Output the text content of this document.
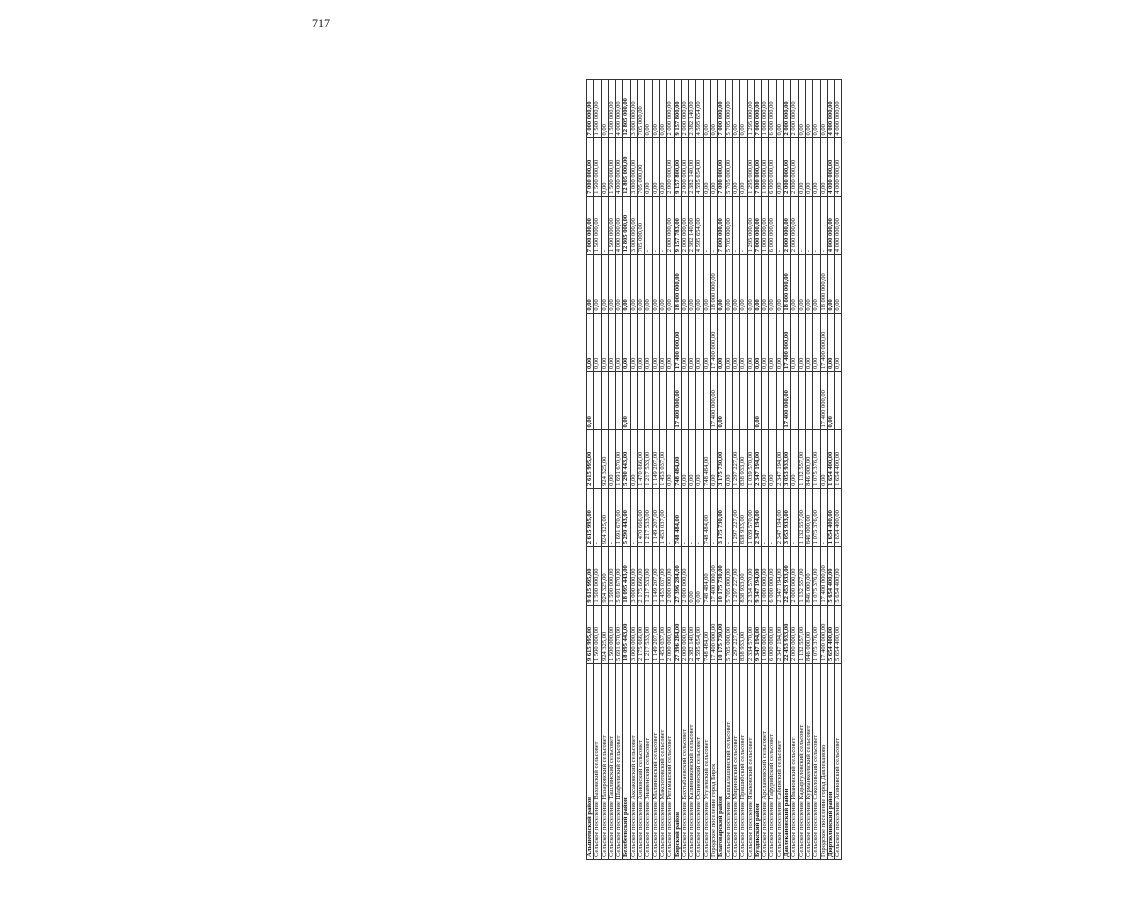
717
Альшеевский район	9 615 995,00	9 615 995,00	2 615 995,00	2 615 995,00	0,00	0,00	0,00	7 000 000,00	7 000 000,00	7 000 000,00
Сельское поселение Ваховский сельсовет	1 500 000,00	1 500 000,00	-			0,00	0,00	1 500 000,00	1 500 000,00	1 500 000,00
Сельское поселение Назаровский сельсовет	924 325,00	924 325,00	924 325,00	924 325,00		0,00	0,00	-	0,00	0,00
Сельское поселение Ташлинский сельсовет	1 500 000,00	1 500 000,00	-	0,00		0,00	0,00	1 500 000,00	1 500 000,00	1 500 000,00
Сельское поселение Шафеевский сельсовет	5 691 670,00	5 691 670,00	1 691 670,00	1 691 670,00		0,00	0,00	4 000 000,00	4 000 000,00	4 000 000,00
Белебеевский район	18 095 443,00	18 095 443,00	5 290 443,00	5 290 443,00	0,00	0,00	0,00	12 805 000,00	12 805 000,00	12 805 000,00
Сельское поселение Аксаковский сельсовет	3 000 000,00	3 000 000,00	-	0,00		0,00	0,00	3 000 000,00	3 000 000,00	3 000 000,00
Сельское поселение Анновский сельсовет	2 175 666,00	2 175 666,00	1 470 666,00	1 470 666,00		0,00	0,00	705 000,00	705 000,00	705 000,00
Сельское поселение Знаменский сельсовет	1 217 533,00	1 217 533,00	1 217 533,00	1 217 533,00		0,00	0,00	-	0,00	0,00
Сельское поселение Малиновский сельсовет	1 149 207,00	1 149 207,00	1 149 207,00	1 149 207,00		0,00	0,00	-	0,00	0,00
Сельское поселение Максютовский сельсовет	1 453 037,00	1 453 037,00	1 453 037,00	1 453 037,00		0,00	0,00	-	0,00	0,00
Сельское поселение Рятамакский сельсовет	2 000 000,00	2 000 000,00	-	0,00		0,00	0,00	2 000 000,00	2 000 000,00	2 000 000,00
Бирский район	27 396 284,00	27 396 284,00	748 484,00	748 484,00	17 400 000,00	17 400 000,00	18 000 000,00	9 157 783,00	9 157 800,00	9 157 800,00
Сельское поселение Бахтыбаевский сельсовет	2 000 000,00	2 000 000,00	-	0,00		0,00	0,00	2 000 000,00	2 000 000,00	2 000 000,00
Сельское поселение Калинниковский сельсовет	2 382 140,00	0,00	-	0,00		0,00	0,00	2 382 140,00	2 382 140,00	2 382 140,00
Сельское поселение Осиновский сельсовет	4 595 654,00	0,00	-	0,00		0,00	0,00	4 595 654,00	4 595 654,00	4 595 654,00
Сельское поселение Угузевский сельсовет	748 484,00	748 484,00	748 484,00	748 484,00		0,00	0,00	-	0,00	0,00
Городское поселение город Бирск	17 400 000,00	17 400 000,00	-	0,00	17 400 000,00	17 400 000,00	18 000 000,00	-	0,00	0,00
Благоварский район	10 175 730,00	10 175 730,00	3 175 730,00	3 175 730,00	0,00	0,00	0,00	7 000 000,00	7 000 000,00	7 000 000,00
Сельское поселение Кашкалашинский сельсовет	5 705 000,00	5 705 000,00	-	0,00		0,00	0,00	5 705 000,00	5 705 000,00	5 705 000,00
Сельское поселение Мирновский сельсовет	1 297 227,00	1 297 227,00	1 297 227,00	1 297 227,00		0,00	0,00	-	0,00	0,00
Сельское поселение Пришибский сельсовет	838 933,00	838 933,00	838 933,00	838 933,00		0,00	0,00	-	0,00	0,00
Сельское поселение Языковский сельсовет	2 334 570,00	2 334 570,00	1 039 570,00	1 039 570,00		0,00	0,00	1 295 000,00	1 295 000,00	1 295 000,00
Буздякский район	9 347 194,00	9 347 194,00	2 347 194,00	2 347 194,00	0,00	0,00	0,00	7 000 000,00	7 000 000,00	7 000 000,00
Сельское поселение Арслановский сельсовет	1 000 000,00	1 000 000,00	-	0,00		0,00	0,00	1 000 000,00	1 000 000,00	1 000 000,00
Сельское поселение Гафурийский сельсовет	6 000 000,00	6 000 000,00	-	0,00		0,00	0,00	6 000 000,00	6 000 000,00	6 000 000,00
Сельское поселение Сабинский сельсовет	2 347 194,00	2 347 194,00	2 347 194,00	2 347 194,00		0,00	0,00	-	0,00	0,00
Давлекановский район	22 453 933,00	22 453 933,00	3 053 933,00	3 053 933,00	17 400 000,00	17 400 000,00	18 000 000,00	2 000 000,00	2 000 000,00	2 000 000,00
Сельское поселение Ивановский сельсовет	2 000 000,00	2 000 000,00	-	0,00		0,00	0,00	2 000 000,00	2 000 000,00	2 000 000,00
Сельское поселение Кадыргуловский сельсовет	1 132 557,00	1 132 557,00	1 132 557,00	1 132 557,00		0,00	0,00	-	0,00	0,00
Сельское поселение Курманкеевский сельсовет	846 000,00	846 000,00	846 000,00	846 000,00		0,00	0,00	-	0,00	0,00
Сельское поселение Соколовский сельсовет	1 075 376,00	1 075 376,00	1 075 376,00	1 075 376,00		0,00	0,00	-	0,00	0,00
Городское поселение город Давлеканово	17 400 000,00	17 400 000,00	-	0,00	17 400 000,00	17 400 000,00	18 000 000,00	-	0,00	0,00
Дюртюлинский район	5 654 400,00	5 654 400,00	1 654 400,00	1 654 400,00	0,00	0,00	0,00	4 000 000,00	4 000 000,00	4 000 000,00
Сельское поселение Асяновский сельсовет	5 654 400,00	5 654 400,00	1 654 400,00	1 654 400,00		0,00	0,00	4 000 000,00	4 000 000,00	4 000 000,00
